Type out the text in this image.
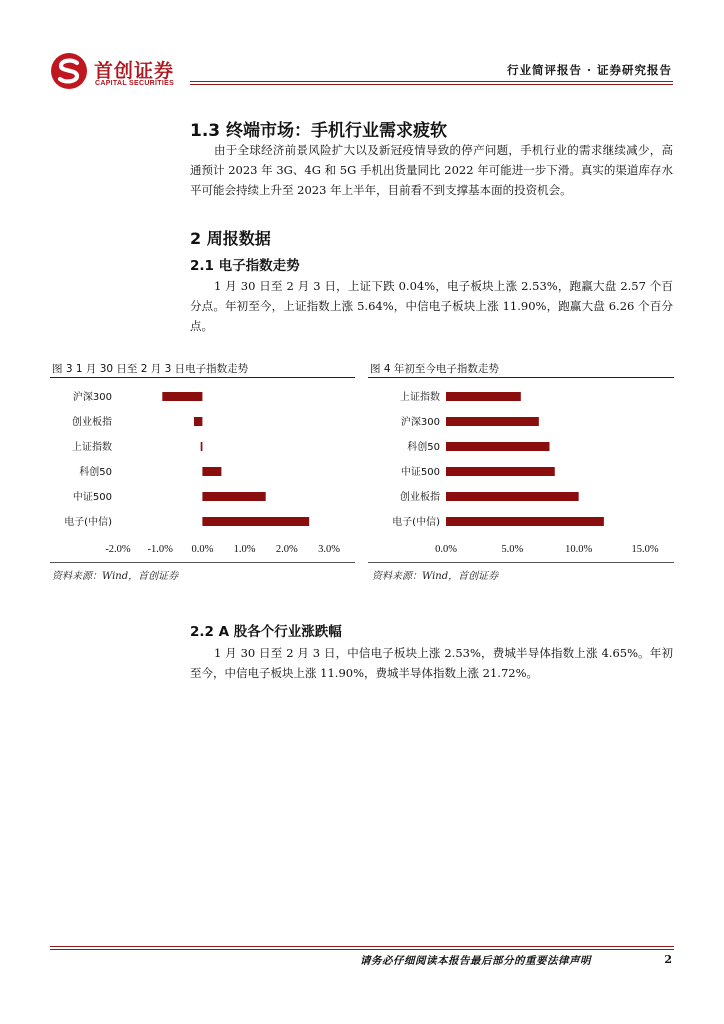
首创证券
CAPITAL SECURITIES
行业简评报告 · 证券研究报告
1.3 终端市场：手机行业需求疲软
由于全球经济前景风险扩大以及新冠疫情导致的停产问题，手机行业的需求继续减少，高通预计 2023 年 3G、4G 和 5G 手机出货量同比 2022 年可能进一步下滑。真实的渠道库存水平可能会持续上升至 2023 年上半年，目前看不到支撑基本面的投资机会。
2 周报数据
2.1 电子指数走势
1 月 30 日至 2 月 3 日，上证下跌 0.04%，电子板块上涨 2.53%，跑赢大盘 2.57 个百分点。年初至今，上证指数上涨 5.64%，中信电子板块上涨 11.90%，跑赢大盘 6.26 个百分点。
图 3 1 月 30 日至 2 月 3 日电子指数走势
沪深300
创业板指
上证指数
科创50
中证500
电子(中信)
-2.0% -1.0% 0.0% 1.0% 2.0% 3.0%
资料来源：Wind，首创证券
图 4 年初至今电子指数走势
上证指数
沪深300
科创50
中证500
创业板指
电子(中信)
0.0%	5.0%	10.0%	15.0%
资料来源：Wind，首创证券
2.2 A 股各个行业涨跌幅
1 月 30 日至 2 月 3 日，中信电子板块上涨 2.53%，费城半导体指数上涨 4.65%。年初至今，中信电子板块上涨 11.90%，费城半导体指数上涨 21.72%。
请务必仔细阅读本报告最后部分的重要法律声明	2
